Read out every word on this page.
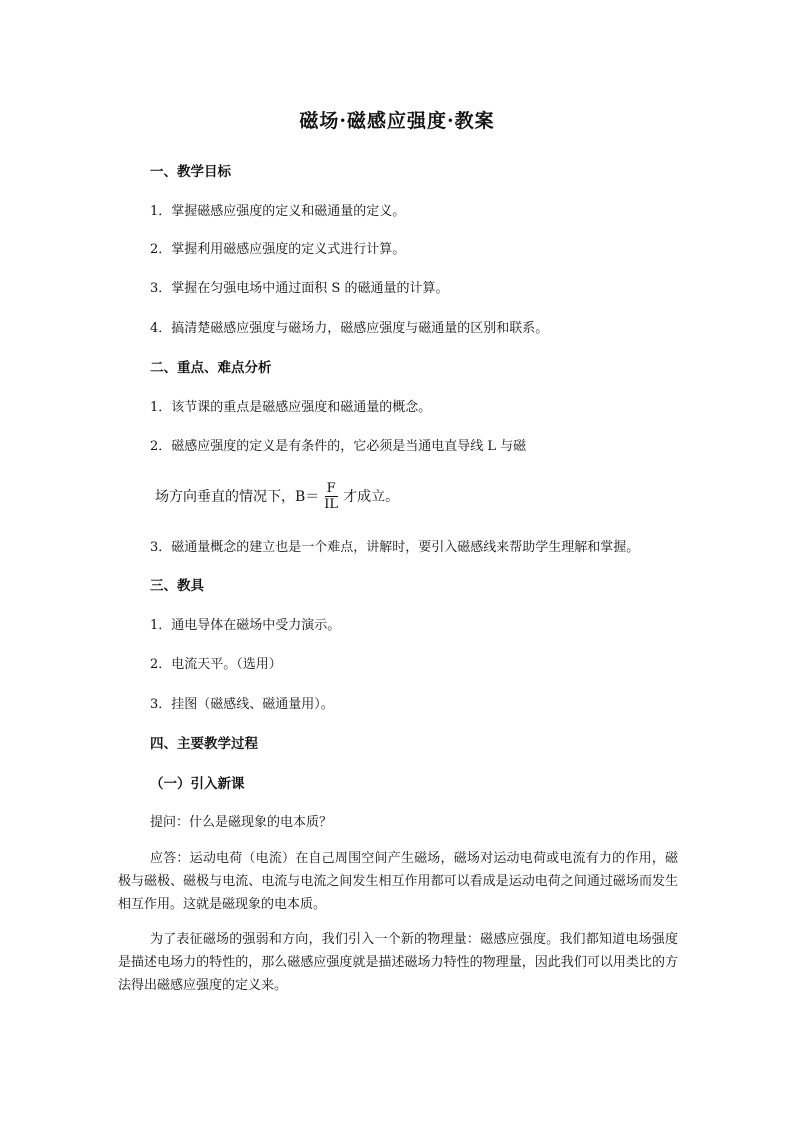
磁场·磁感应强度·教案
一、教学目标
1．掌握磁感应强度的定义和磁通量的定义。
2．掌握利用磁感应强度的定义式进行计算。
3．掌握在匀强电场中通过面积 S 的磁通量的计算。
4．搞清楚磁感应强度与磁场力，磁感应强度与磁通量的区别和联系。
二、重点、难点分析
1．该节课的重点是磁感应强度和磁通量的概念。
2．磁感应强度的定义是有条件的，它必须是当通电直导线 L 与磁
场方向垂直的情况下，$B= \frac{F}{IL}$ 才成立。
3．磁通量概念的建立也是一个难点，讲解时，要引入磁感线来帮助学生理解和掌握。
三、教具
1．通电导体在磁场中受力演示。
2．电流天平。（选用）
3．挂图（磁感线、磁通量用）。
四、主要教学过程
（一）引入新课
提问：什么是磁现象的电本质？
应答：运动电荷（电流）在自己周围空间产生磁场，磁场对运动电荷或电流有力的作用，磁极与磁极、磁极与电流、电流与电流之间发生相互作用都可以看成是运动电荷之间通过磁场而发生相互作用。这就是磁现象的电本质。
为了表征磁场的强弱和方向，我们引入一个新的物理量：磁感应强度。我们都知道电场强度是描述电场力的特性的，那么磁感应强度就是描述磁场力特性的物理量，因此我们可以用类比的方法得出磁感应强度的定义来。
